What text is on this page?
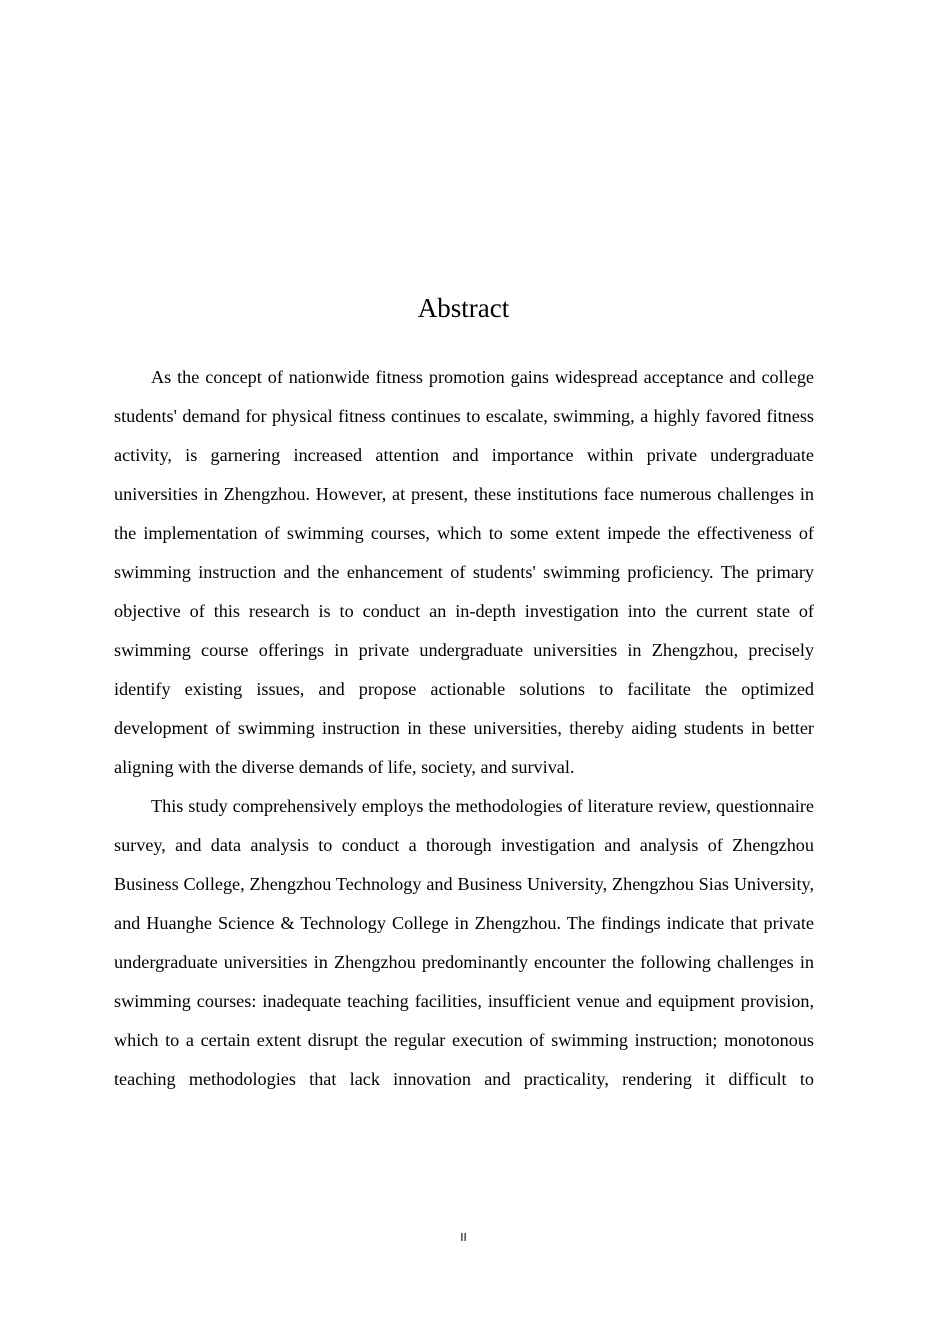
Abstract

As the concept of nationwide fitness promotion gains widespread acceptance and college students' demand for physical fitness continues to escalate, swimming, a highly favored fitness activity, is garnering increased attention and importance within private undergraduate universities in Zhengzhou. However, at present, these institutions face numerous challenges in the implementation of swimming courses, which to some extent impede the effectiveness of swimming instruction and the enhancement of students' swimming proficiency. The primary objective of this research is to conduct an in-depth investigation into the current state of swimming course offerings in private undergraduate universities in Zhengzhou, precisely identify existing issues, and propose actionable solutions to facilitate the optimized development of swimming instruction in these universities, thereby aiding students in better aligning with the diverse demands of life, society, and survival.

This study comprehensively employs the methodologies of literature review, questionnaire survey, and data analysis to conduct a thorough investigation and analysis of Zhengzhou Business College, Zhengzhou Technology and Business University, Zhengzhou Sias University, and Huanghe Science & Technology College in Zhengzhou. The findings indicate that private undergraduate universities in Zhengzhou predominantly encounter the following challenges in swimming courses: inadequate teaching facilities, insufficient venue and equipment provision, which to a certain extent disrupt the regular execution of swimming instruction; monotonous teaching methodologies that lack innovation and practicality, rendering it difficult to

II
